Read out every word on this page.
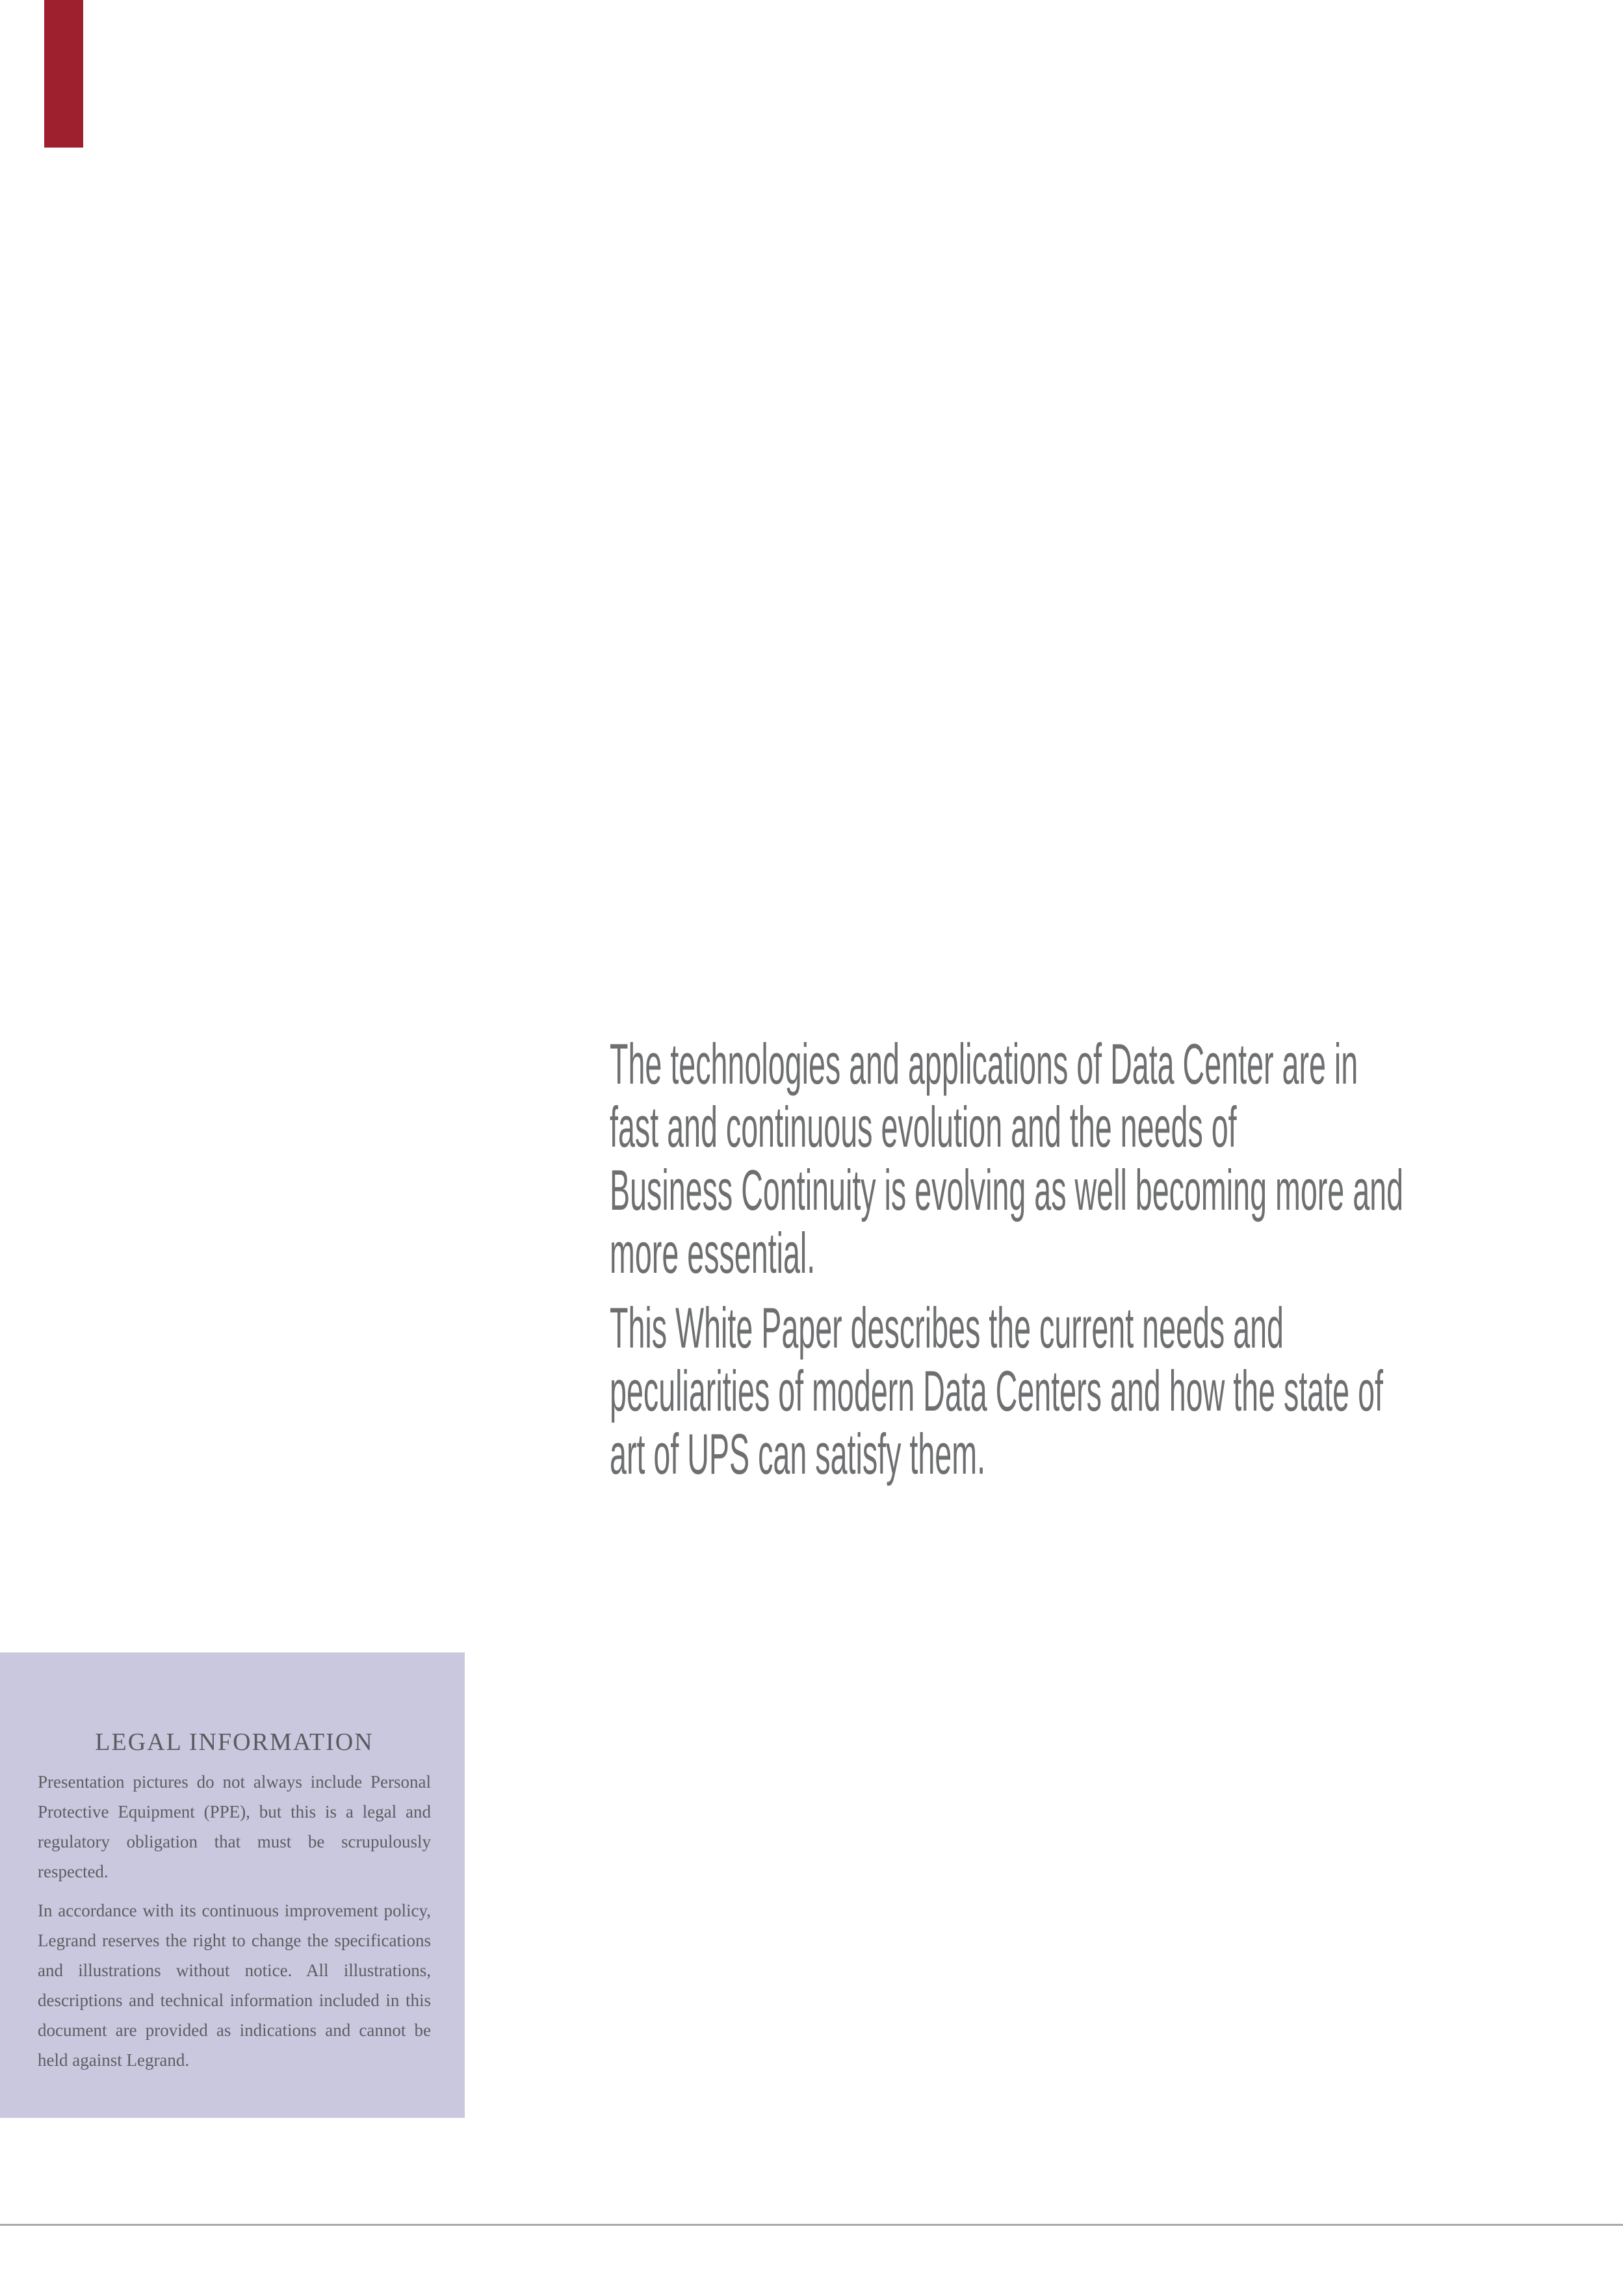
The technologies and applications of Data Center are in
fast and continuous evolution and the needs of
Business Continuity is evolving as well becoming more and
more essential.
This White Paper describes the current needs and
peculiarities of modern Data Centers and how the state of
art of UPS can satisfy them.
LEGAL INFORMATION

Presentation pictures do not always include Personal Protective Equipment (PPE), but this is a legal and regulatory obligation that must be scrupulously respected.

In accordance with its continuous improvement policy, Legrand reserves the right to change the specifications and illustrations without notice. All illustrations, descriptions and technical information included in this document are provided as indications and cannot be held against Legrand.
